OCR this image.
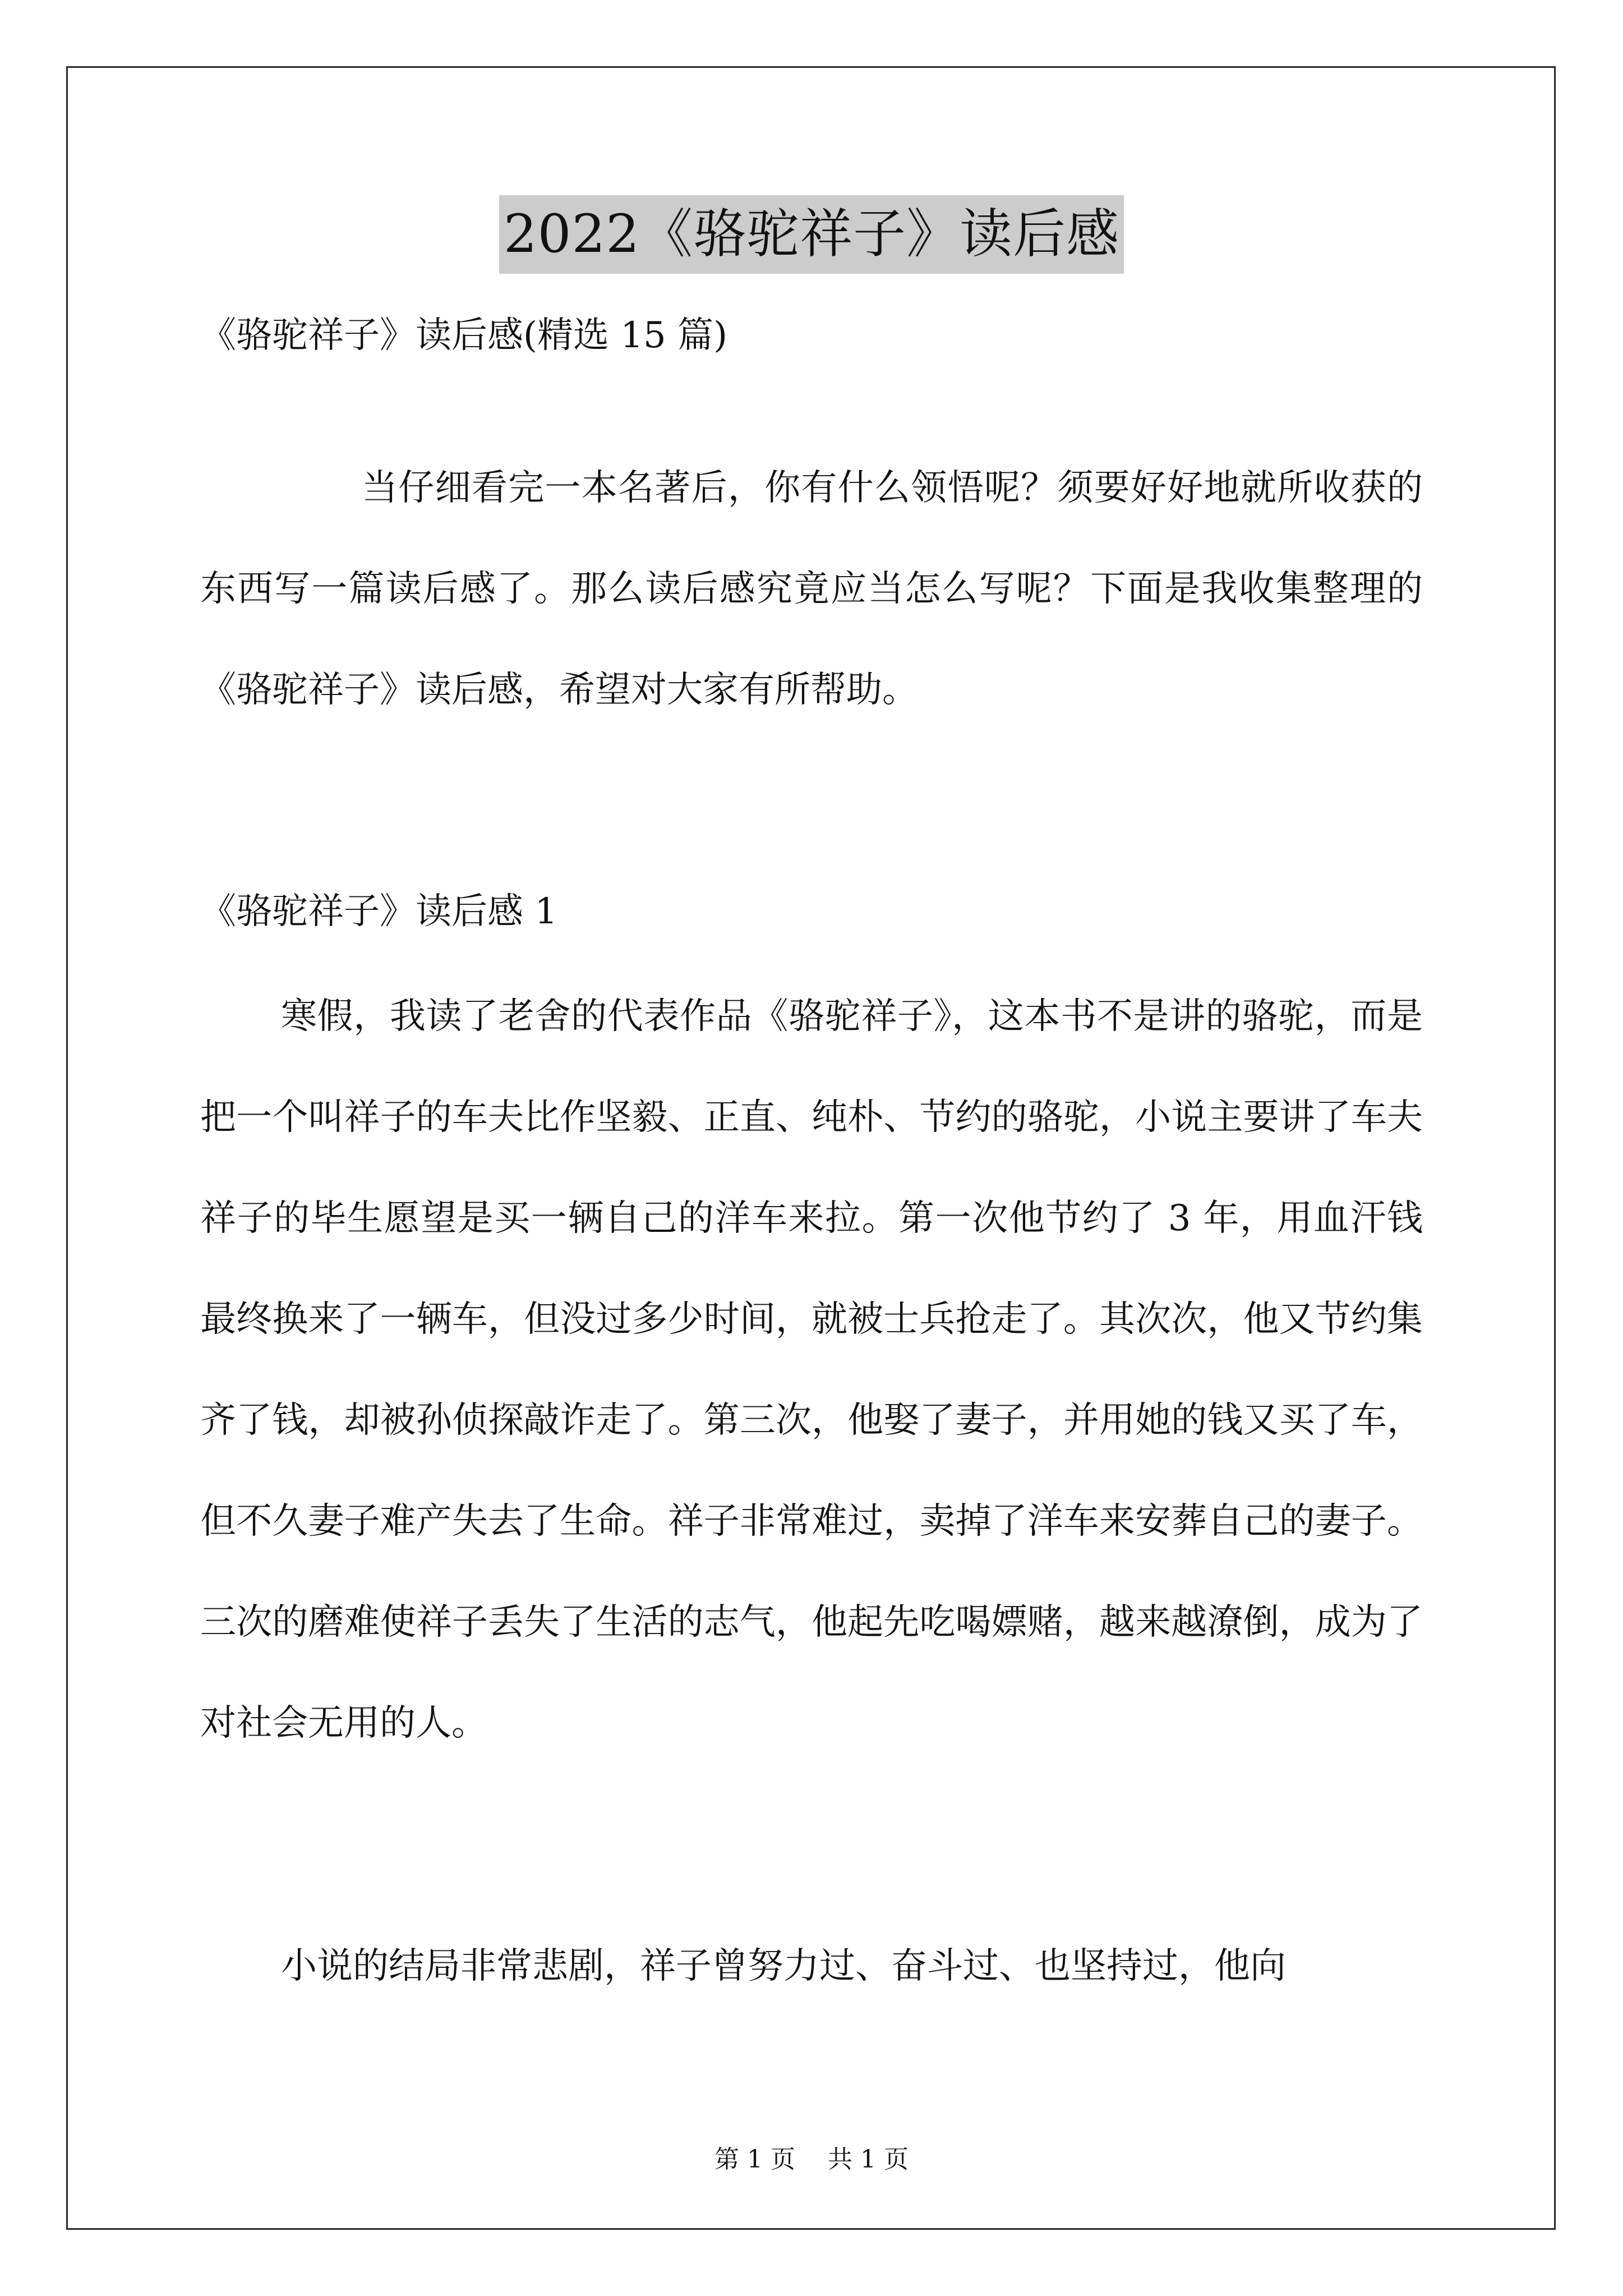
2022《骆驼祥子》读后感
《骆驼祥子》读后感(精选 15 篇)

当仔细看完一本名著后，你有什么领悟呢？须要好好地就所收获的东西写一篇读后感了。那么读后感究竟应当怎么写呢？下面是我收集整理的《骆驼祥子》读后感，希望对大家有所帮助。

《骆驼祥子》读后感 1

寒假，我读了老舍的代表作品《骆驼祥子》，这本书不是讲的骆驼，而是把一个叫祥子的车夫比作坚毅、正直、纯朴、节约的骆驼，小说主要讲了车夫祥子的毕生愿望是买一辆自己的洋车来拉。第一次他节约了 3 年，用血汗钱最终换来了一辆车，但没过多少时间，就被士兵抢走了。其次次，他又节约集齐了钱，却被孙侦探敲诈走了。第三次，他娶了妻子，并用她的钱又买了车，但不久妻子难产失去了生命。祥子非常难过，卖掉了洋车来安葬自己的妻子。三次的磨难使祥子丢失了生活的志气，他起先吃喝嫖赌，越来越潦倒，成为了对社会无用的人。

小说的结局非常悲剧，祥子曾努力过、奋斗过、也坚持过，他向

第 1 页　 共 1 页
